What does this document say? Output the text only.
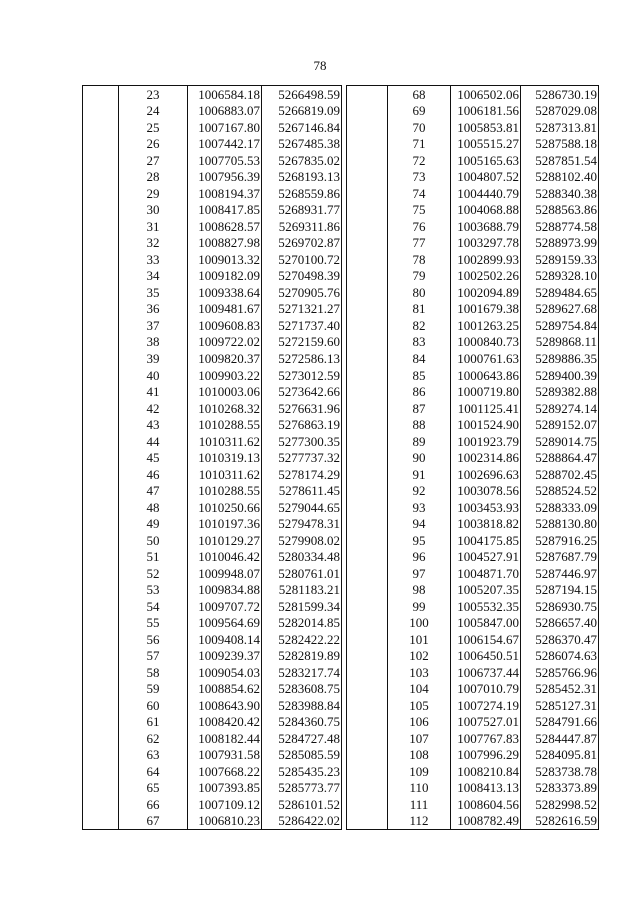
78
	23	1006584.18	5266498.59
	24	1006883.07	5266819.09
	25	1007167.80	5267146.84
	26	1007442.17	5267485.38
	27	1007705.53	5267835.02
	28	1007956.39	5268193.13
	29	1008194.37	5268559.86
	30	1008417.85	5268931.77
	31	1008628.57	5269311.86
	32	1008827.98	5269702.87
	33	1009013.32	5270100.72
	34	1009182.09	5270498.39
	35	1009338.64	5270905.76
	36	1009481.67	5271321.27
	37	1009608.83	5271737.40
	38	1009722.02	5272159.60
	39	1009820.37	5272586.13
	40	1009903.22	5273012.59
	41	1010003.06	5273642.66
	42	1010268.32	5276631.96
	43	1010288.55	5276863.19
	44	1010311.62	5277300.35
	45	1010319.13	5277737.32
	46	1010311.62	5278174.29
	47	1010288.55	5278611.45
	48	1010250.66	5279044.65
	49	1010197.36	5279478.31
	50	1010129.27	5279908.02
	51	1010046.42	5280334.48
	52	1009948.07	5280761.01
	53	1009834.88	5281183.21
	54	1009707.72	5281599.34
	55	1009564.69	5282014.85
	56	1009408.14	5282422.22
	57	1009239.37	5282819.89
	58	1009054.03	5283217.74
	59	1008854.62	5283608.75
	60	1008643.90	5283988.84
	61	1008420.42	5284360.75
	62	1008182.44	5284727.48
	63	1007931.58	5285085.59
	64	1007668.22	5285435.23
	65	1007393.85	5285773.77
	66	1007109.12	5286101.52
	67	1006810.23	5286422.02
	68	1006502.06	5286730.19
	69	1006181.56	5287029.08
	70	1005853.81	5287313.81
	71	1005515.27	5287588.18
	72	1005165.63	5287851.54
	73	1004807.52	5288102.40
	74	1004440.79	5288340.38
	75	1004068.88	5288563.86
	76	1003688.79	5288774.58
	77	1003297.78	5288973.99
	78	1002899.93	5289159.33
	79	1002502.26	5289328.10
	80	1002094.89	5289484.65
	81	1001679.38	5289627.68
	82	1001263.25	5289754.84
	83	1000840.73	5289868.11
	84	1000761.63	5289886.35
	85	1000643.86	5289400.39
	86	1000719.80	5289382.88
	87	1001125.41	5289274.14
	88	1001524.90	5289152.07
	89	1001923.79	5289014.75
	90	1002314.86	5288864.47
	91	1002696.63	5288702.45
	92	1003078.56	5288524.52
	93	1003453.93	5288333.09
	94	1003818.82	5288130.80
	95	1004175.85	5287916.25
	96	1004527.91	5287687.79
	97	1004871.70	5287446.97
	98	1005207.35	5287194.15
	99	1005532.35	5286930.75
	100	1005847.00	5286657.40
	101	1006154.67	5286370.47
	102	1006450.51	5286074.63
	103	1006737.44	5285766.96
	104	1007010.79	5285452.31
	105	1007274.19	5285127.31
	106	1007527.01	5284791.66
	107	1007767.83	5284447.87
	108	1007996.29	5284095.81
	109	1008210.84	5283738.78
	110	1008413.13	5283373.89
	111	1008604.56	5282998.52
	112	1008782.49	5282616.59
